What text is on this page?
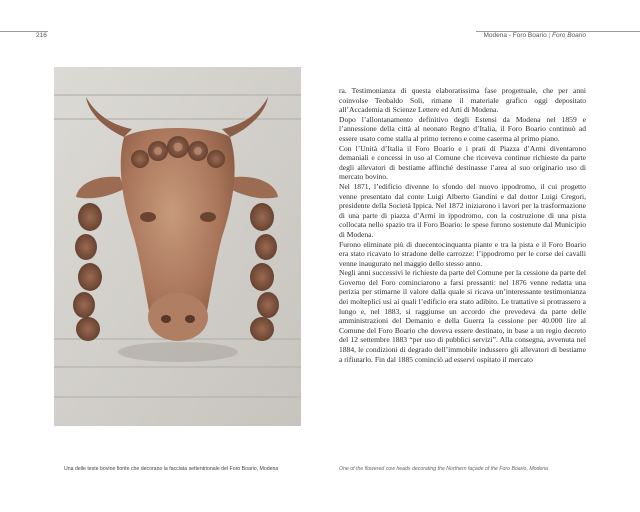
216	Modena - Foro Boario | Foro Boario

ra. Testimonianza di questa elaboratissima fase progettuale, che per anni coinvolse Teobaldo Soli, rimane il materiale grafico oggi depositato all’Accademia di Scienze Lettere ed Arti di Modena.

Dopo l’allontanamento definitivo degli Estensi da Modena nel 1859 e l’annessione della città al neonato Regno d’Italia, il Foro Boario continuò ad essere usato come stalla al primo terreno e come caserma al primo piano.

Con l’Unità d’Italia il Foro Boario e i prati di Piazza d’Armi diventarono demaniali e concessi in uso al Comune che riceveva continue richieste da parte degli allevatori di bestiame affinché destinasse l’area al suo originario uso di mercato bovino.

Nel 1871, l’edificio divenne lo sfondo del nuovo ippodromo, il cui progetto venne presentato dal conte Luigi Alberto Gandini e dal dottor Luigi Cregori, presidente della Società Ippica. Nel 1872 iniziarono i lavori per la trasformazione di una parte di piazza d’Armi in ippodromo, con la costruzione di una pista collocata nello spazio tra il Foro Boario: le spese furono sostenute dal Municipio di Modena.

Furono eliminate più di duecentocinquanta piante e tra la pista e il Foro Boario era stato ricavato lo stradone delle carrozze: l’ippodromo per le corse dei cavalli venne inaugurato nel maggio dello stesso anno.

Negli anni successivi le richieste da parte del Comune per la cessione da parte del Governo del Foro cominciarono a farsi pressanti: nel 1876 venne redatta una perizia per stimarne il valore dalla quale si ricava un’interessante testimonianza dei molteplici usi ai quali l’edificio era stato adibito. Le trattative si protrassero a lungo e, nel 1883, si raggiunse un accordo che prevedeva da parte delle amministrazioni del Demanio e della Guerra la cessione per 40.000 lire al Comune del Foro Boario che doveva essere destinato, in base a un regio decreto del 12 settembre 1883 “per uso di pubblici servizi”. Alla consegna, avvenuta nel 1884, le condizioni di degrado dell’immobile indussero gli allevatori di bestiame a rifiutarlo. Fin dal 1885 cominciò ad esservi ospitato il mercato

Una delle teste bovine fiorite che decorano la facciata settentrionale del Foro Boario, Modena	One of the flowered cow heads decorating the Northern façade of the Foro Boario, Modena
